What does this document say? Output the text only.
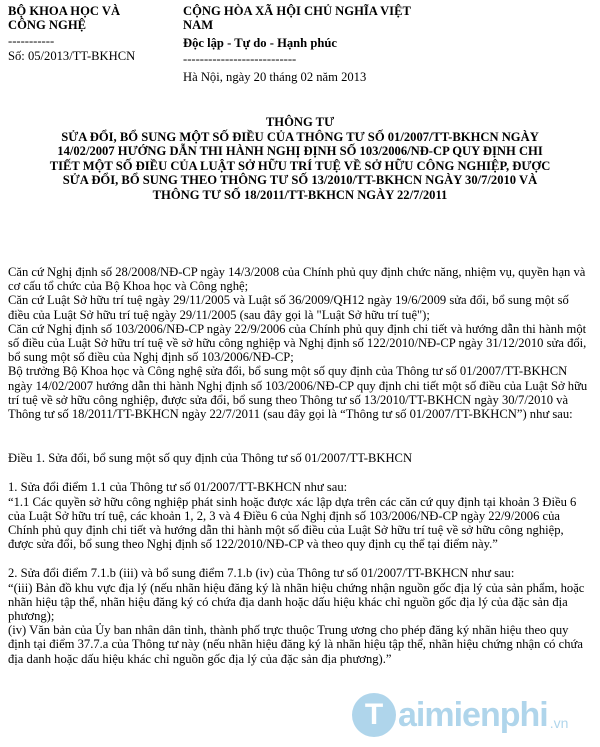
BỘ KHOA HỌC VÀ
CÔNG NGHỆ
-----------
Số: 05/2013/TT-BKHCN
CỘNG HÒA XÃ HỘI CHỦ NGHĨA VIỆT
NAM
Độc lập - Tự do - Hạnh phúc
---------------------------
Hà Nội, ngày 20 tháng 02 năm 2013
THÔNG TƯ
SỬA ĐỔI, BỔ SUNG MỘT SỐ ĐIỀU CỦA THÔNG TƯ SỐ 01/2007/TT-BKHCN NGÀY
14/02/2007 HƯỚNG DẪN THI HÀNH NGHỊ ĐỊNH SỐ 103/2006/NĐ-CP QUY ĐỊNH CHI
TIẾT MỘT SỐ ĐIỀU CỦA LUẬT SỞ HỮU TRÍ TUỆ VỀ SỞ HỮU CÔNG NGHIỆP, ĐƯỢC
SỬA ĐỔI, BỔ SUNG THEO THÔNG TƯ SỐ 13/2010/TT-BKHCN NGÀY 30/7/2010 VÀ
THÔNG TƯ SỐ 18/2011/TT-BKHCN NGÀY 22/7/2011

Căn cứ Nghị định số 28/2008/NĐ-CP ngày 14/3/2008 của Chính phủ quy định chức năng, nhiệm vụ, quyền hạn và cơ cấu tổ chức của Bộ Khoa học và Công nghệ;

Căn cứ Luật Sở hữu trí tuệ ngày 29/11/2005 và Luật số 36/2009/QH12 ngày 19/6/2009 sửa đổi, bổ sung một số điều của Luật Sở hữu trí tuệ ngày 29/11/2005 (sau đây gọi là "Luật Sở hữu trí tuệ");

Căn cứ Nghị định số 103/2006/NĐ-CP ngày 22/9/2006 của Chính phủ quy định chi tiết và hướng dẫn thi hành một số điều của Luật Sở hữu trí tuệ về sở hữu công nghiệp và Nghị định số 122/2010/NĐ-CP ngày 31/12/2010 sửa đổi, bổ sung một số điều của Nghị định số 103/2006/NĐ-CP;

Bộ trưởng Bộ Khoa học và Công nghệ sửa đổi, bổ sung một số quy định của Thông tư số 01/2007/TT-BKHCN ngày 14/02/2007 hướng dẫn thi hành Nghị định số 103/2006/NĐ-CP quy định chi tiết một số điều của Luật Sở hữu trí tuệ về sở hữu công nghiệp, được sửa đổi, bổ sung theo Thông tư số 13/2010/TT-BKHCN ngày 30/7/2010 và Thông tư số 18/2011/TT-BKHCN ngày 22/7/2011 (sau đây gọi là “Thông tư số 01/2007/TT-BKHCN”) như sau:

Điều 1. Sửa đổi, bổ sung một số quy định của Thông tư số 01/2007/TT-BKHCN

1. Sửa đổi điểm 1.1 của Thông tư số 01/2007/TT-BKHCN như sau:

“1.1 Các quyền sở hữu công nghiệp phát sinh hoặc được xác lập dựa trên các căn cứ quy định tại khoản 3 Điều 6 của Luật Sở hữu trí tuệ, các khoản 1, 2, 3 và 4 Điều 6 của Nghị định số 103/2006/NĐ-CP ngày 22/9/2006 của Chính phủ quy định chi tiết và hướng dẫn thi hành một số điều của Luật Sở hữu trí tuệ về sở hữu công nghiệp, được sửa đổi, bổ sung theo Nghị định số 122/2010/NĐ-CP và theo quy định cụ thể tại điểm này.”

2. Sửa đổi điểm 7.1.b (iii) và bổ sung điểm 7.1.b (iv) của Thông tư số 01/2007/TT-BKHCN như sau:

“(iii) Bản đồ khu vực địa lý (nếu nhãn hiệu đăng ký là nhãn hiệu chứng nhận nguồn gốc địa lý của sản phẩm, hoặc nhãn hiệu tập thể, nhãn hiệu đăng ký có chứa địa danh hoặc dấu hiệu khác chỉ nguồn gốc địa lý của đặc sản địa phương);

(iv) Văn bản của Ủy ban nhân dân tỉnh, thành phố trực thuộc Trung ương cho phép đăng ký nhãn hiệu theo quy định tại điểm 37.7.a của Thông tư này (nếu nhãn hiệu đăng ký là nhãn hiệu tập thể, nhãn hiệu chứng nhận có chứa địa danh hoặc dấu hiệu khác chỉ nguồn gốc địa lý của đặc sản địa phương).”

T aimienphi .vn
